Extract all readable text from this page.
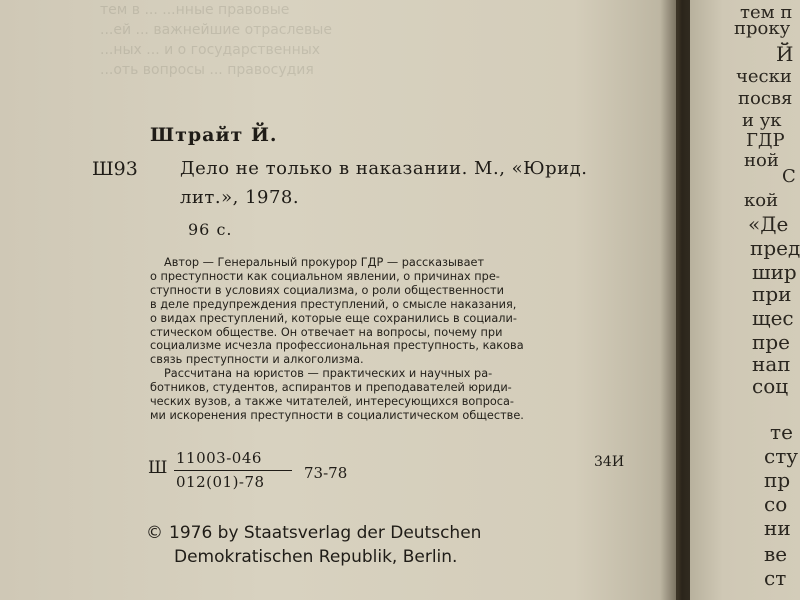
тем в ... ...нные правовые
...ей ... важнейшие отраслевые
...ных ... и о государственных
...оть вопросы ... правосудия
Штрайт Й.
Ш93 Дело не только в наказании. М., «Юрид.
лит.», 1978.
96 с.
Автор — Генеральный прокурор ГДР — рассказывает
о преступности как социальном явлении, о причинах пре-
ступности в условиях социализма, о роли общественности
в деле предупреждения преступлений, о смысле наказания,
о видах преступлений, которые еще сохранились в социали-
стическом обществе. Он отвечает на вопросы, почему при
социализме исчезла профессиональная преступность, какова
связь преступности и алкоголизма.
Рассчитана на юристов — практических и научных ра-
ботников, студентов, аспирантов и преподавателей юриди-
ческих вузов, а также читателей, интересующихся вопроса-
ми искоренения преступности в социалистическом обществе.
Ш 11003-046
012(01)-78	73-78
34И
© 1976 by Staatsverlag der Deutschen
Demokratischen Republik, Berlin.
тем п
проку
Й
чески
посвя
и ук
ГДР
ной
С
кой
«Де
пред
шир
при
щес
пре
нап
соц
те
сту
пр
со
ни
ве
ст
